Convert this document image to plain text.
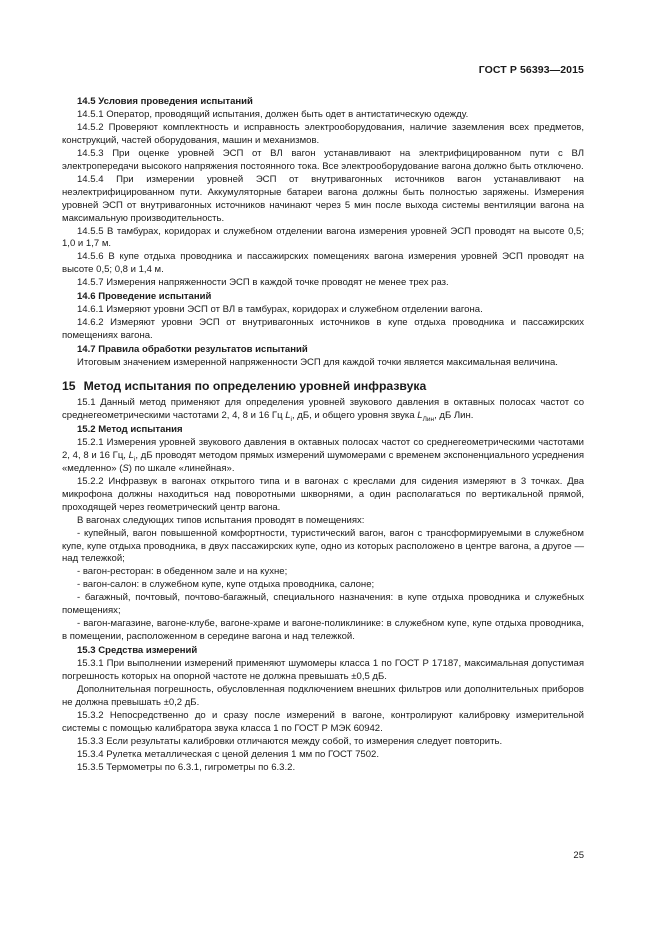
ГОСТ Р 56393—2015

14.5 Условия проведения испытаний

14.5.1 Оператор, проводящий испытания, должен быть одет в антистатическую одежду.

14.5.2 Проверяют комплектность и исправность электрооборудования, наличие заземления всех предметов, конструкций, частей оборудования, машин и механизмов.

14.5.3 При оценке уровней ЭСП от ВЛ вагон устанавливают на электрифицированном пути с ВЛ электропередачи высокого напряжения постоянного тока. Все электрооборудование вагона должно быть отключено.

14.5.4 При измерении уровней ЭСП от внутривагонных источников вагон устанавливают на неэлектрифицированном пути. Аккумуляторные батареи вагона должны быть полностью заряжены. Измерения уровней ЭСП от внутривагонных источников начинают через 5 мин после выхода системы вентиляции вагона на максимальную производительность.

14.5.5 В тамбурах, коридорах и служебном отделении вагона измерения уровней ЭСП проводят на высоте 0,5; 1,0 и 1,7 м.

14.5.6 В купе отдыха проводника и пассажирских помещениях вагона измерения уровней ЭСП проводят на высоте 0,5; 0,8 и 1,4 м.

14.5.7 Измерения напряженности ЭСП в каждой точке проводят не менее трех раз.

14.6 Проведение испытаний

14.6.1 Измеряют уровни ЭСП от ВЛ в тамбурах, коридорах и служебном отделении вагона.

14.6.2 Измеряют уровни ЭСП от внутривагонных источников в купе отдыха проводника и пассажирских помещениях вагона.

14.7 Правила обработки результатов испытаний

Итоговым значением измеренной напряженности ЭСП для каждой точки является максимальная величина.

15 Метод испытания по определению уровней инфразвука

15.1 Данный метод применяют для определения уровней звукового давления в октавных полосах частот со среднегеометрическими частотами 2, 4, 8 и 16 Гц $L_i$, дБ, и общего уровня звука $L_{Лин}$, дБ Лин.

15.2 Метод испытания

15.2.1 Измерения уровней звукового давления в октавных полосах частот со среднегеометрическими частотами 2, 4, 8 и 16 Гц, $L_i$, дБ проводят методом прямых измерений шумомерами с временем экспоненциального усреднения «медленно» (S) по шкале «линейная».

15.2.2 Инфразвук в вагонах открытого типа и в вагонах с креслами для сидения измеряют в 3 точках. Два микрофона должны находиться над поворотными шкворнями, а один располагаться по вертикальной прямой, проходящей через геометрический центр вагона.

В вагонах следующих типов испытания проводят в помещениях:

- купейный, вагон повышенной комфортности, туристический вагон, вагон с трансформируемыми в служебном купе, купе отдыха проводника, в двух пассажирских купе, одно из которых расположено в центре вагона, а другое — над тележкой;

- вагон-ресторан: в обеденном зале и на кухне;

- вагон-салон: в служебном купе, купе отдыха проводника, салоне;

- багажный, почтовый, почтово-багажный, специального назначения: в купе отдыха проводника и служебных помещениях;

- вагон-магазине, вагоне-клубе, вагоне-храме и вагоне-поликлинике: в служебном купе, купе отдыха проводника, в помещении, расположенном в середине вагона и над тележкой.

15.3 Средства измерений

15.3.1 При выполнении измерений применяют шумомеры класса 1 по ГОСТ Р 17187, максимальная допустимая погрешность которых на опорной частоте не должна превышать ±0,5 дБ.

Дополнительная погрешность, обусловленная подключением внешних фильтров или дополнительных приборов не должна превышать ±0,2 дБ.

15.3.2 Непосредственно до и сразу после измерений в вагоне, контролируют калибровку измерительной системы с помощью калибратора звука класса 1 по ГОСТ Р МЭК 60942.

15.3.3 Если результаты калибровки отличаются между собой, то измерения следует повторить.

15.3.4 Рулетка металлическая с ценой деления 1 мм по ГОСТ 7502.

15.3.5 Термометры по 6.3.1, гигрометры по 6.3.2.

25
